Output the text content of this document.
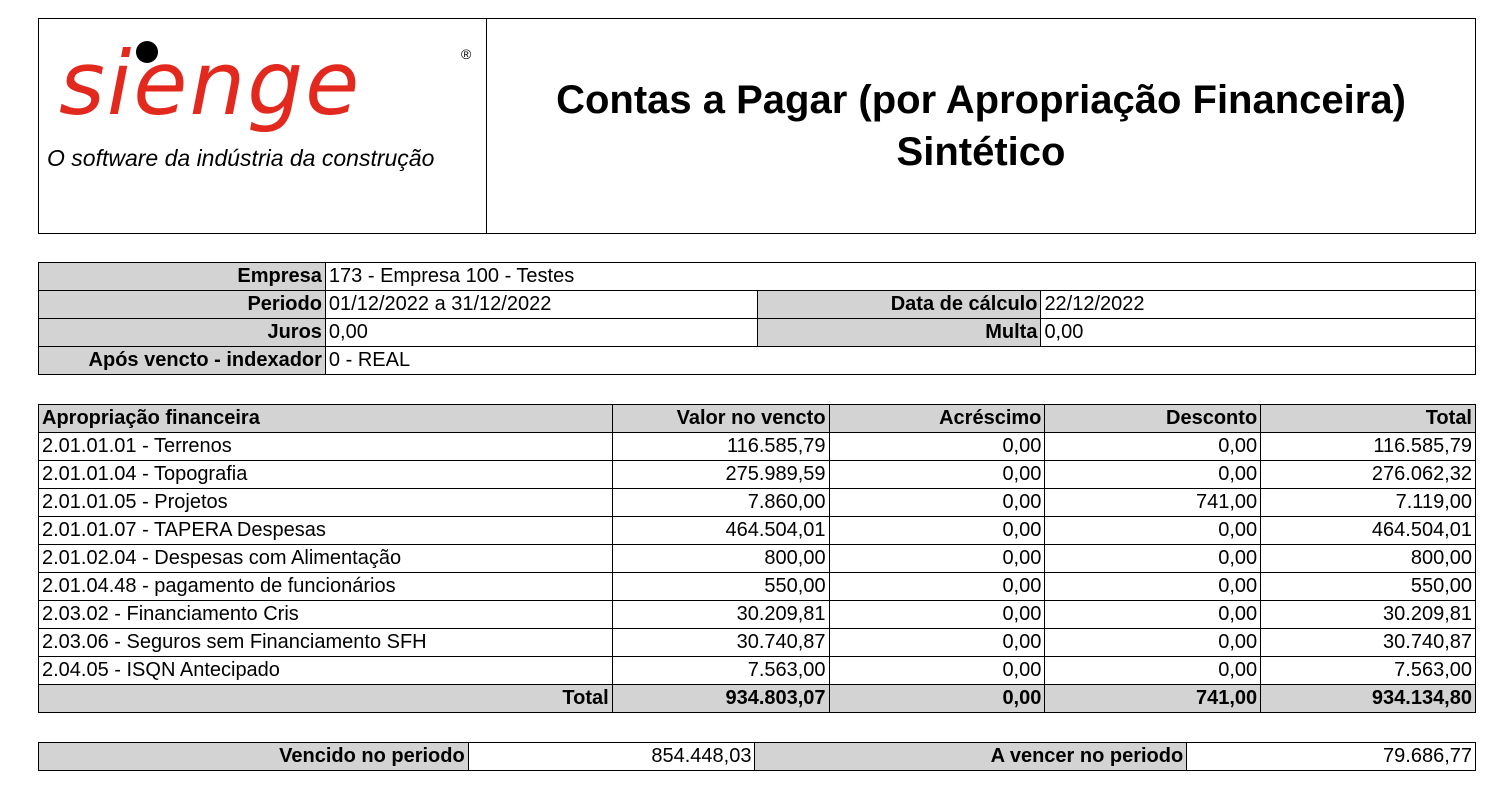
sienge	®
O software da indústria da construção

Contas a Pagar (por Apropriação Financeira)
Sintético
Empresa	173 - Empresa 100 - Testes		
Periodo	01/12/2022 a 31/12/2022	Data de cálculo	22/12/2022
Juros	0,00	Multa	0,00
Após vencto - indexador	0 - REAL		
Apropriação financeira	Valor no vencto	Acréscimo	Desconto	Total
2.01.01.01 - Terrenos	116.585,79	0,00	0,00	116.585,79
2.01.01.04 - Topografia	275.989,59	0,00	0,00	276.062,32
2.01.01.05 - Projetos	7.860,00	0,00	741,00	7.119,00
2.01.01.07 - TAPERA Despesas	464.504,01	0,00	0,00	464.504,01
2.01.02.04 - Despesas com Alimentação	800,00	0,00	0,00	800,00
2.01.04.48 - pagamento de funcionários	550,00	0,00	0,00	550,00
2.03.02 - Financiamento Cris	30.209,81	0,00	0,00	30.209,81
2.03.06 - Seguros sem Financiamento SFH	30.740,87	0,00	0,00	30.740,87
2.04.05 - ISQN Antecipado	7.563,00	0,00	0,00	7.563,00
Total	934.803,07	0,00	741,00	934.134,80
Vencido no periodo	854.448,03	A vencer no periodo	79.686,77
